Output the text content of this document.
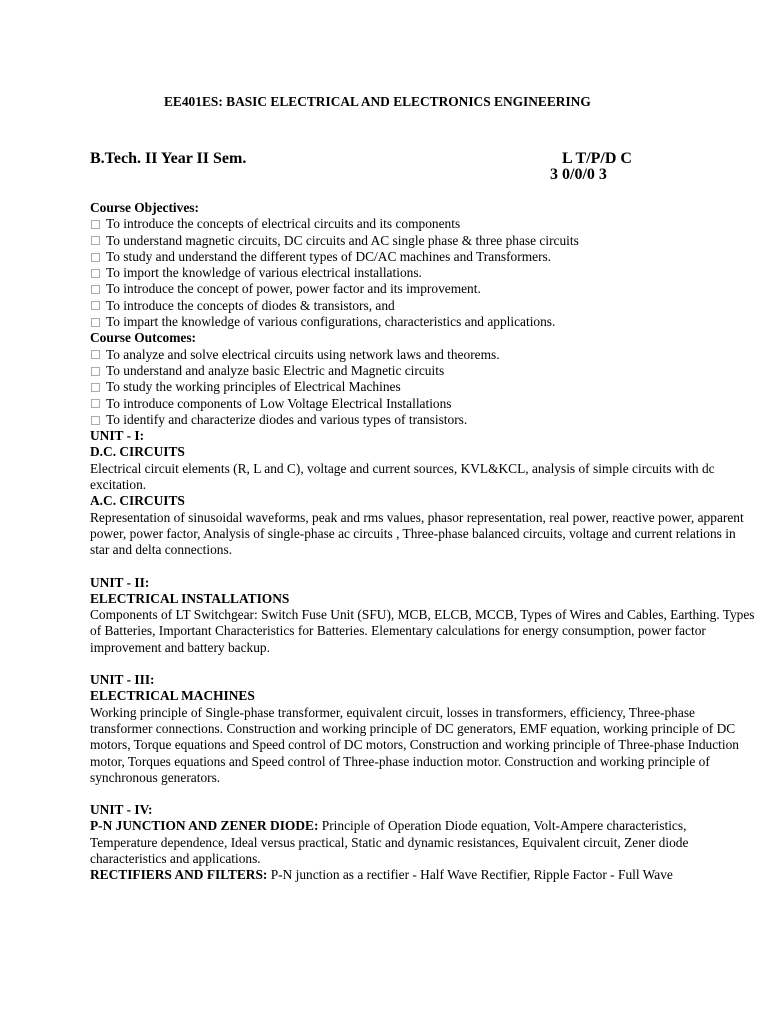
EE401ES: BASIC ELECTRICAL AND ELECTRONICS ENGINEERING
B.Tech. II Year II Sem.	L T/P/D C
3 0/0/0 3
Course Objectives:
To introduce the concepts of electrical circuits and its components
To understand magnetic circuits, DC circuits and AC single phase & three phase circuits
To study and understand the different types of DC/AC machines and Transformers.
To import the knowledge of various electrical installations.
To introduce the concept of power, power factor and its improvement.
To introduce the concepts of diodes & transistors, and
To impart the knowledge of various configurations, characteristics and applications.
Course Outcomes:
To analyze and solve electrical circuits using network laws and theorems.
To understand and analyze basic Electric and Magnetic circuits
To study the working principles of Electrical Machines
To introduce components of Low Voltage Electrical Installations
To identify and characterize diodes and various types of transistors.
UNIT - I:
D.C. CIRCUITS

Electrical circuit elements (R, L and C), voltage and current sources, KVL&KCL, analysis of simple circuits with dc excitation.

A.C. CIRCUITS

Representation of sinusoidal waveforms, peak and rms values, phasor representation, real power, reactive power, apparent power, power factor, Analysis of single-phase ac circuits , Three-phase balanced circuits, voltage and current relations in star and delta connections.

UNIT - II:
ELECTRICAL INSTALLATIONS

Components of LT Switchgear: Switch Fuse Unit (SFU), MCB, ELCB, MCCB, Types of Wires and Cables, Earthing. Types of Batteries, Important Characteristics for Batteries. Elementary calculations for energy consumption, power factor improvement and battery backup.

UNIT - III:
ELECTRICAL MACHINES

Working principle of Single-phase transformer, equivalent circuit, losses in transformers, efficiency, Three-phase transformer connections. Construction and working principle of DC generators, EMF equation, working principle of DC motors, Torque equations and Speed control of DC motors, Construction and working principle of Three-phase Induction motor, Torques equations and Speed control of Three-phase induction motor. Construction and working principle of synchronous generators.

UNIT - IV:

P-N JUNCTION AND ZENER DIODE: Principle of Operation Diode equation, Volt-Ampere characteristics,

Temperature dependence, Ideal versus practical, Static and dynamic resistances, Equivalent circuit, Zener diode characteristics and applications.

RECTIFIERS AND FILTERS: P-N junction as a rectifier - Half Wave Rectifier, Ripple Factor - Full Wave
